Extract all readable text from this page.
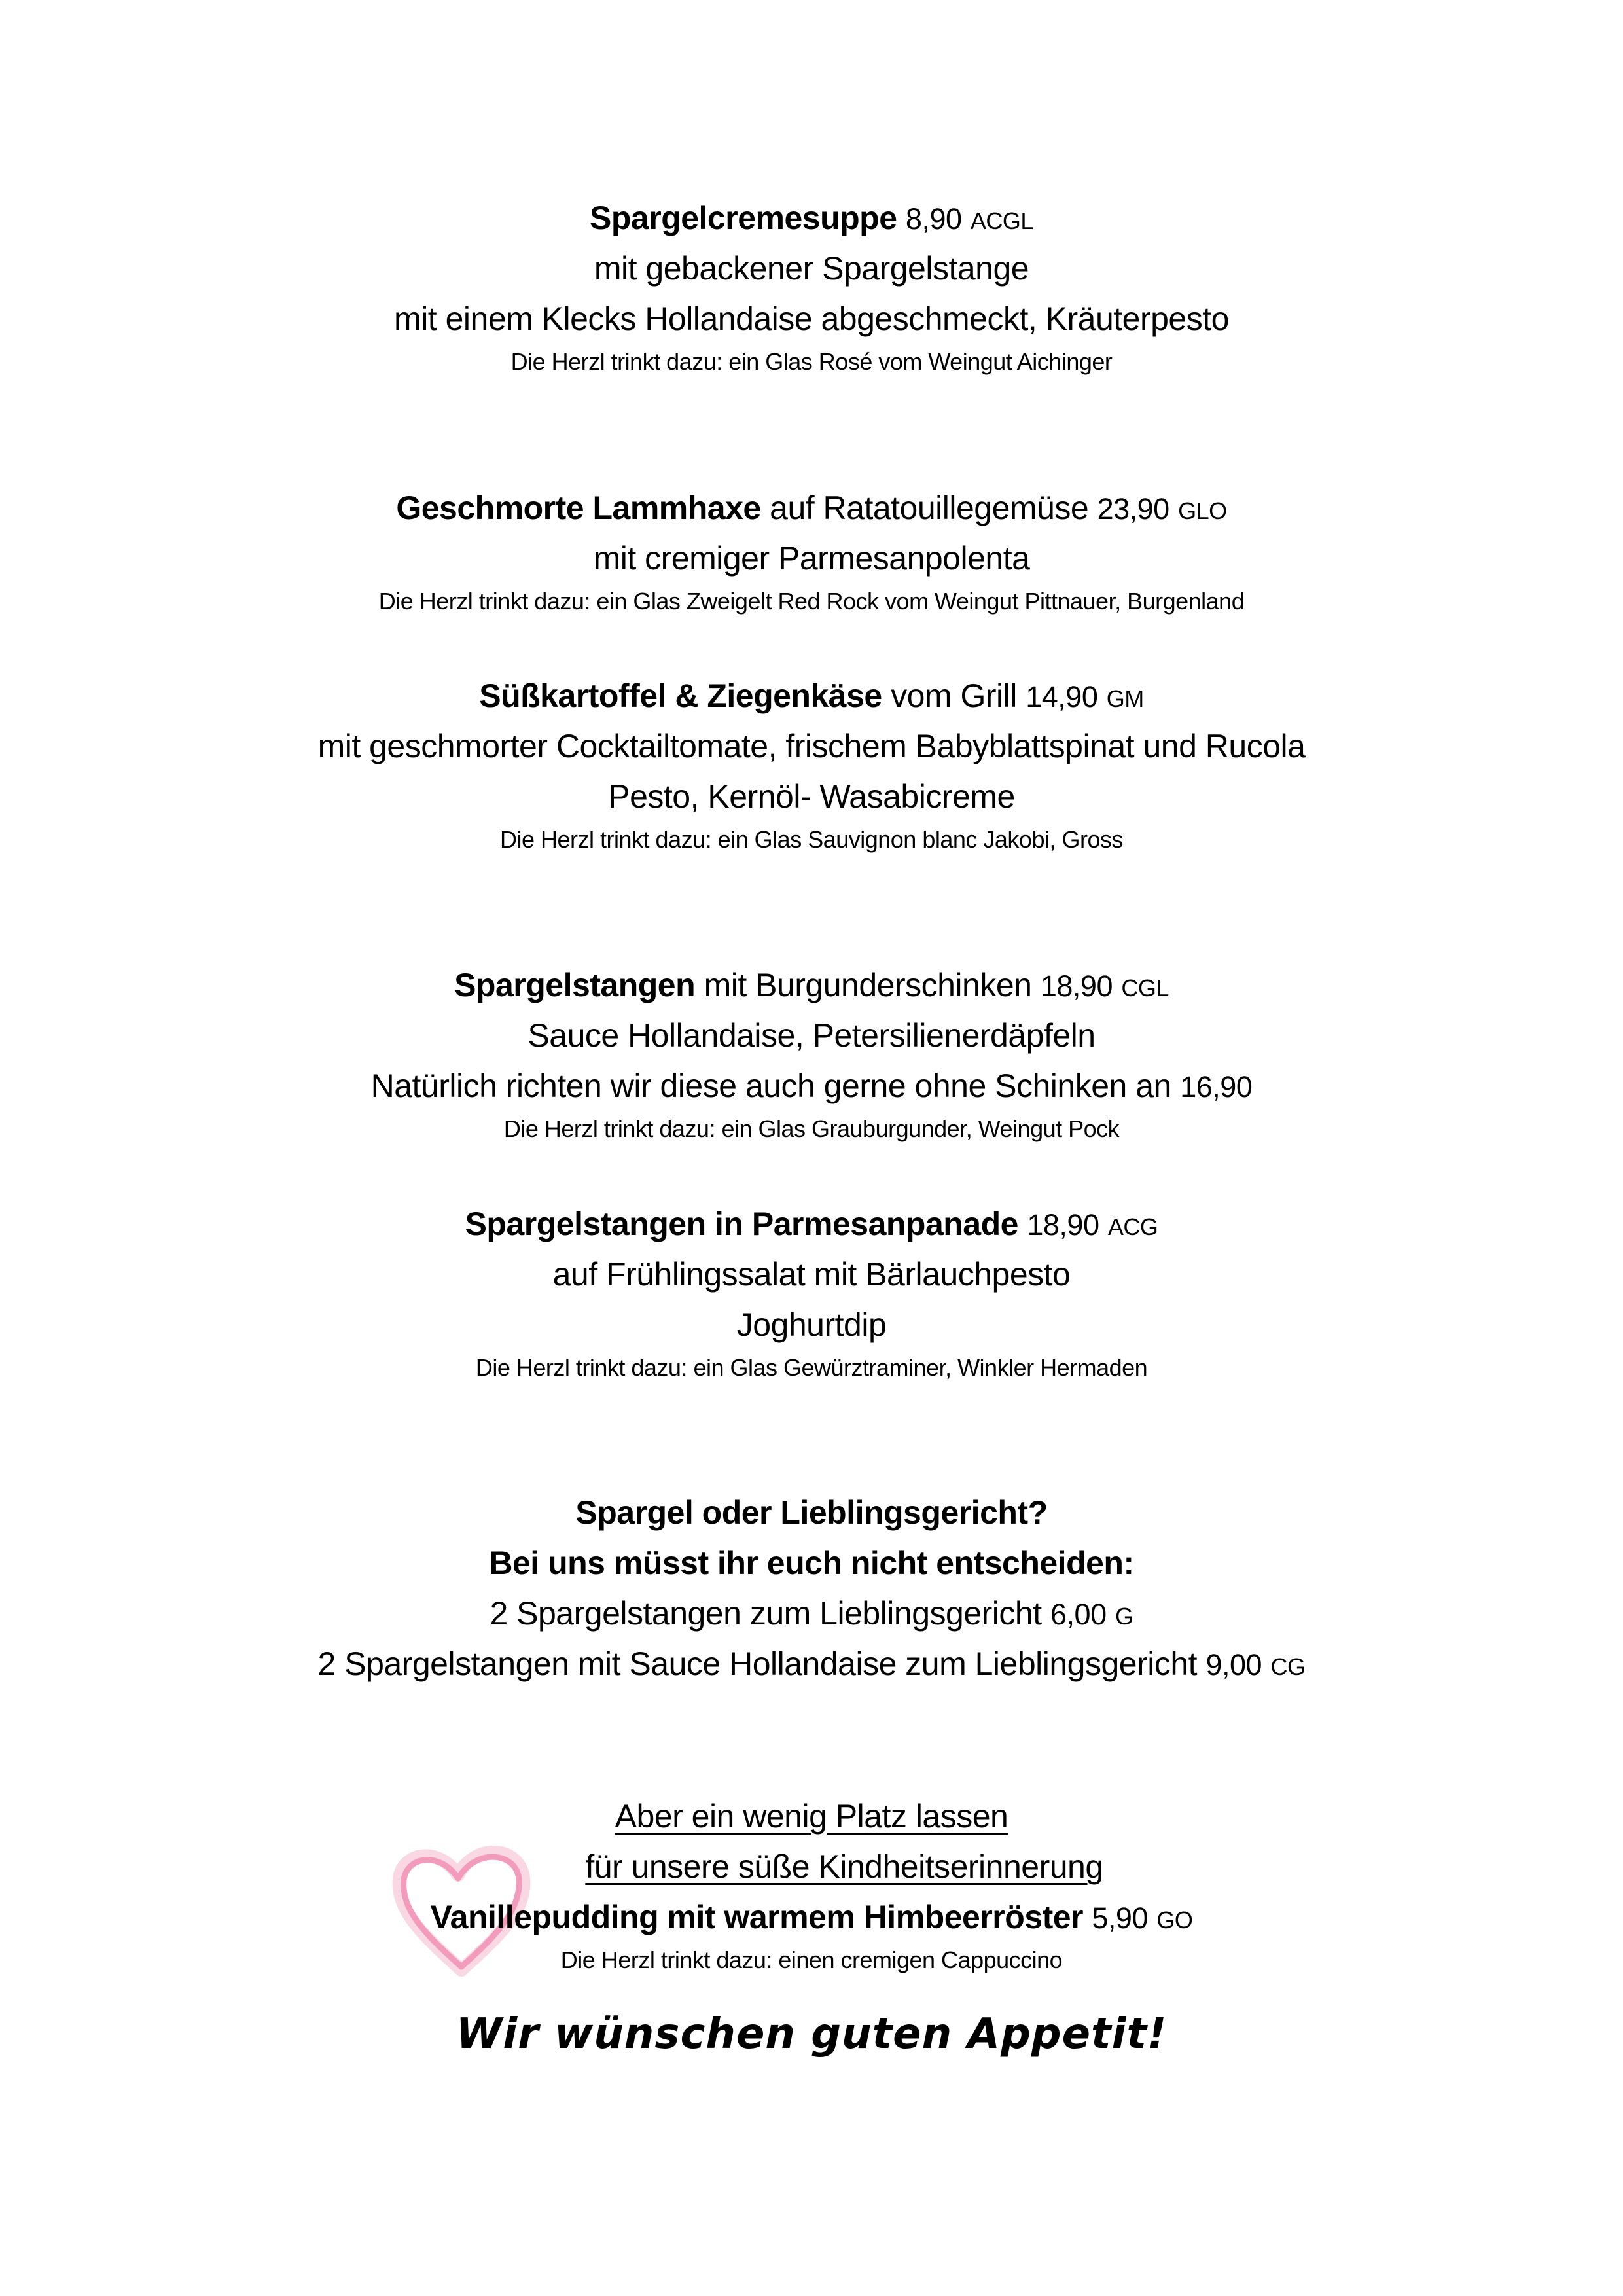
Spargelcremesuppe 8,90 ACGL
mit gebackener Spargelstange
mit einem Klecks Hollandaise abgeschmeckt, Kräuterpesto
Die Herzl trinkt dazu: ein Glas Rosé vom Weingut Aichinger
Geschmorte Lammhaxe auf Ratatouillegemüse 23,90 GLO
mit cremiger Parmesanpolenta
Die Herzl trinkt dazu: ein Glas Zweigelt Red Rock vom Weingut Pittnauer, Burgenland
Süßkartoffel & Ziegenkäse vom Grill 14,90 GM
mit geschmorter Cocktailtomate, frischem Babyblattspinat und Rucola
Pesto, Kernöl- Wasabicreme
Die Herzl trinkt dazu: ein Glas Sauvignon blanc Jakobi, Gross
Spargelstangen mit Burgunderschinken 18,90 CGL
Sauce Hollandaise, Petersilienerdäpfeln
Natürlich richten wir diese auch gerne ohne Schinken an 16,90
Die Herzl trinkt dazu: ein Glas Grauburgunder, Weingut Pock
Spargelstangen in Parmesanpanade 18,90 ACG
auf Frühlingssalat mit Bärlauchpesto
Joghurtdip
Die Herzl trinkt dazu: ein Glas Gewürztraminer, Winkler Hermaden
Spargel oder Lieblingsgericht?
Bei uns müsst ihr euch nicht entscheiden:
2 Spargelstangen zum Lieblingsgericht 6,00 G
2 Spargelstangen mit Sauce Hollandaise zum Lieblingsgericht 9,00 CG
Aber ein wenig Platz lassen
für unsere süße Kindheitserinnerung
Vanillepudding mit warmem Himbeerröster 5,90 GO
Die Herzl trinkt dazu: einen cremigen Cappuccino
Wir wünschen guten Appetit!
